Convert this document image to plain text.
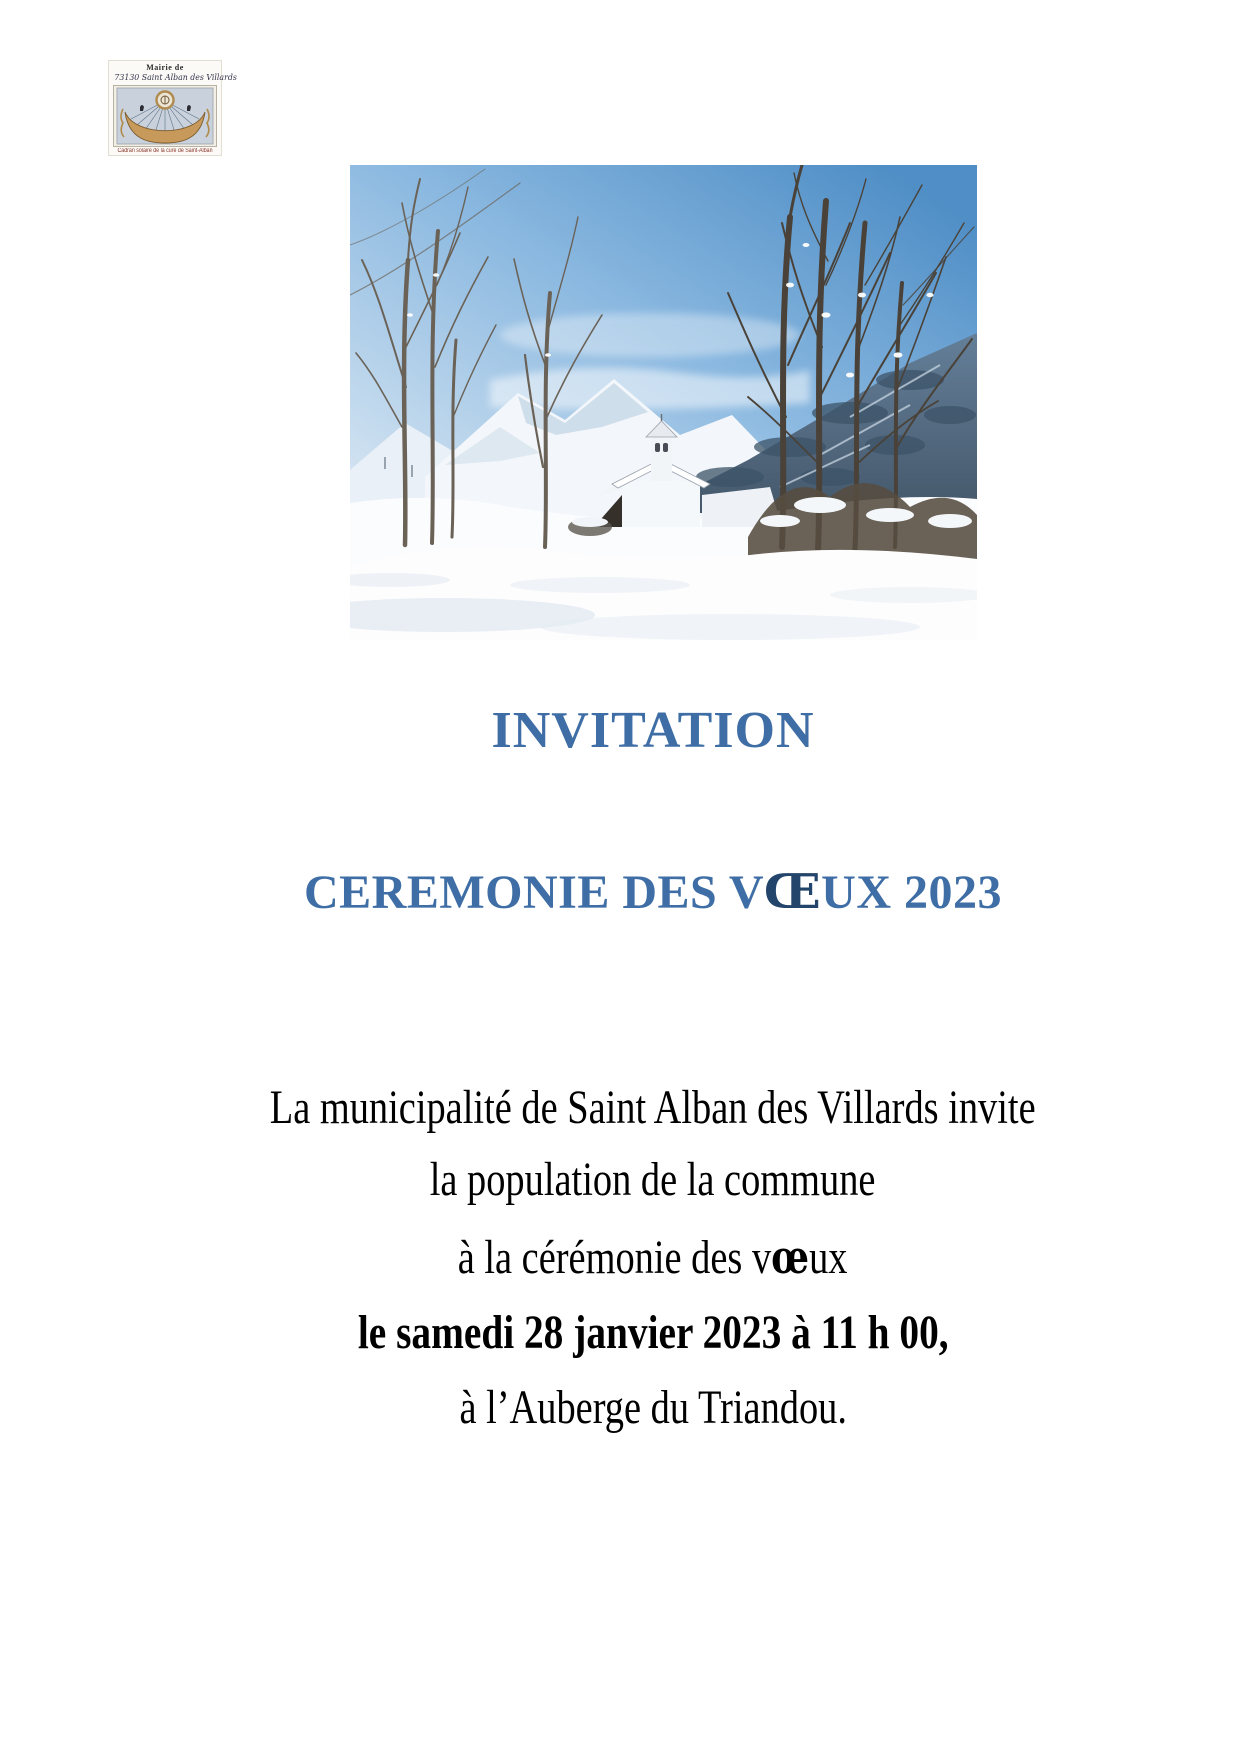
Mairie de
73130 Saint Alban des Villards
Cadran solaire de la cure de Saint-Alban
INVITATION
CEREMONIE DES VŒUX 2023
La municipalité de Saint Alban des Villards invite
la population de la commune
à la cérémonie des vœux
le samedi 28 janvier 2023 à 11 h 00,
à l’Auberge du Triandou.
